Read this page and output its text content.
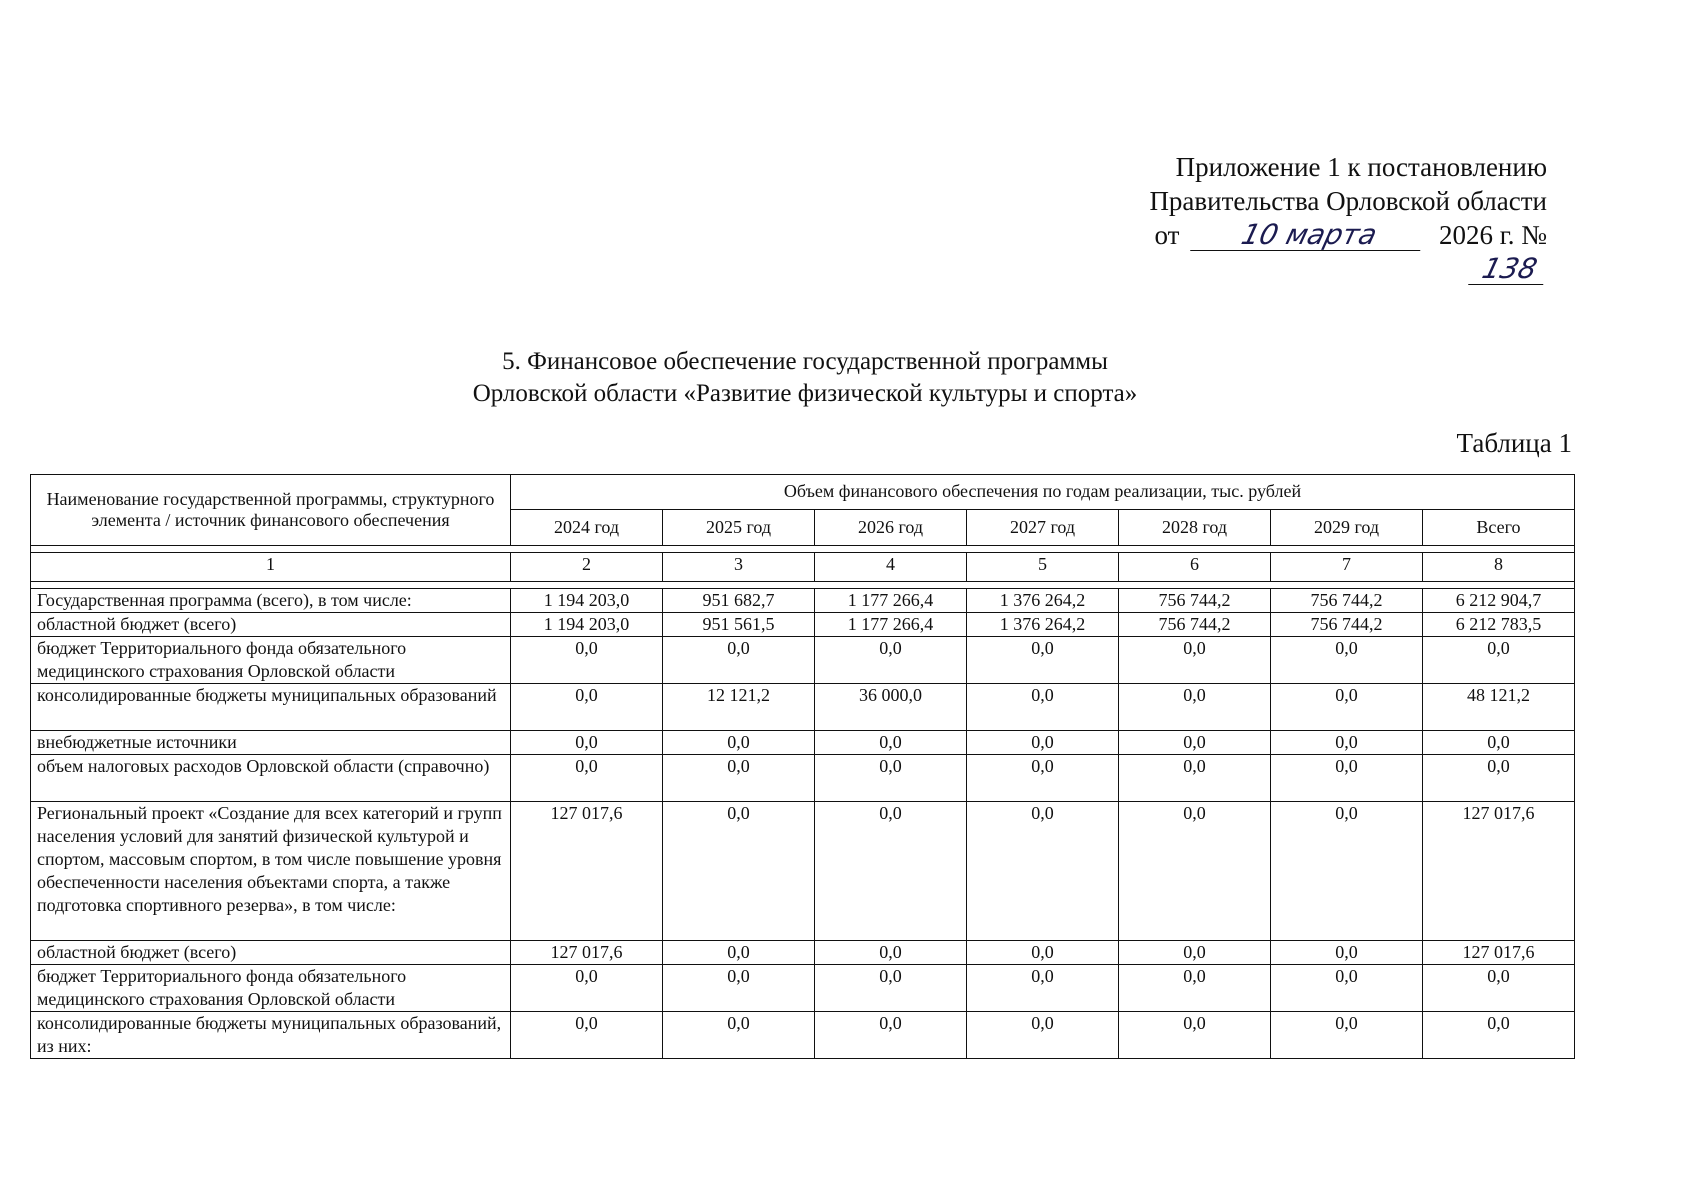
Приложение 1 к постановлению
Правительства Орловской области
от 10 марта 2026 г. № 138
5. Финансовое обеспечение государственной программы
Орловской области «Развитие физической культуры и спорта»
Таблица 1
Наименование государственной программы, структурного элемента / источник финансового обеспечения	Объем финансового обеспечения по годам реализации, тыс. рублей						
	2024 год	2025 год	2026 год	2027 год	2028 год	2029 год	Всего

1	2	3	4	5	6	7	8

Государственная программа (всего), в том числе:	1 194 203,0	951 682,7	1 177 266,4	1 376 264,2	756 744,2	756 744,2	6 212 904,7
областной бюджет (всего)	1 194 203,0	951 561,5	1 177 266,4	1 376 264,2	756 744,2	756 744,2	6 212 783,5
бюджет Территориального фонда обязательного медицинского страхования Орловской области	0,0	0,0	0,0	0,0	0,0	0,0	0,0
консолидированные бюджеты муниципальных образований	0,0	12 121,2	36 000,0	0,0	0,0	0,0	48 121,2
внебюджетные источники	0,0	0,0	0,0	0,0	0,0	0,0	0,0
объем налоговых расходов Орловской области (справочно)	0,0	0,0	0,0	0,0	0,0	0,0	0,0
Региональный проект «Создание для всех категорий и групп населения условий для занятий физической культурой и спортом, массовым спортом, в том числе повышение уровня обеспеченности населения объектами спорта, а также подготовка спортивного резерва», в том числе:	127 017,6	0,0	0,0	0,0	0,0	0,0	127 017,6
областной бюджет (всего)	127 017,6	0,0	0,0	0,0	0,0	0,0	127 017,6
бюджет Территориального фонда обязательного медицинского страхования Орловской области	0,0	0,0	0,0	0,0	0,0	0,0	0,0
консолидированные бюджеты муниципальных образований, из них:	0,0	0,0	0,0	0,0	0,0	0,0	0,0
